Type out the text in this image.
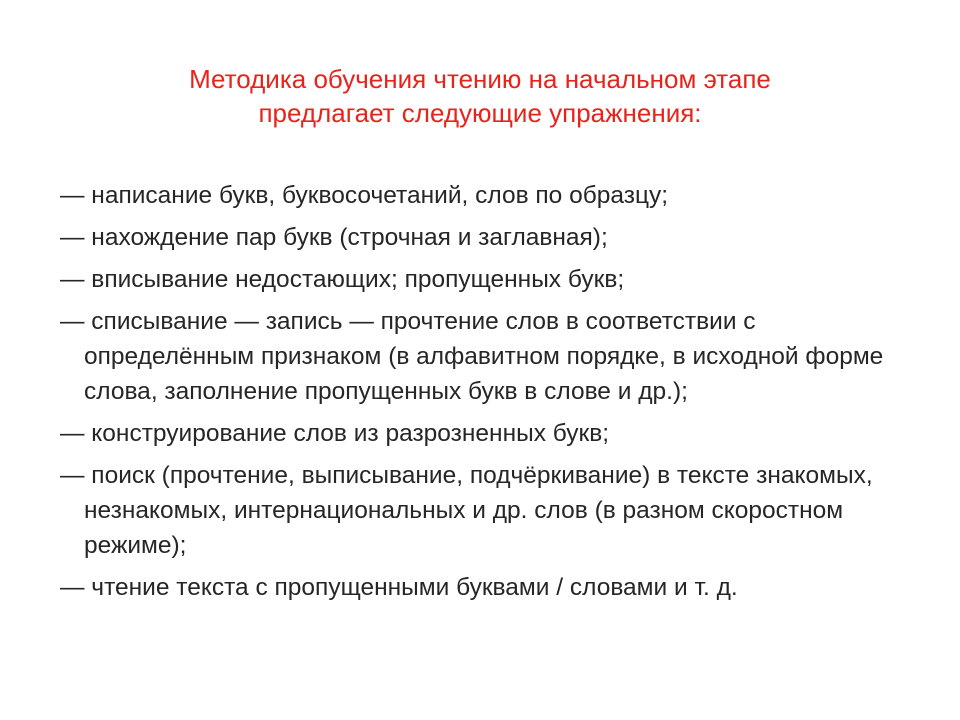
Методика обучения чтению на начальном этапе
предлагает следующие упражнения:
— написание букв, буквосочетаний, слов по образцу;
— нахождение пар букв (строчная и заглавная);
— вписывание недостающих; пропущенных букв;
— списывание — запись — прочтение слов в соответствии с определённым признаком (в алфавитном порядке, в исходной форме слова, заполнение пропущенных букв в слове и др.);
— конструирование слов из разрозненных букв;
— поиск (прочтение, выписывание, подчёркивание) в тексте знакомых, незнакомых, интернациональных и др. слов (в разном скоростном режиме);
— чтение текста с пропущенными буквами / словами и т. д.
